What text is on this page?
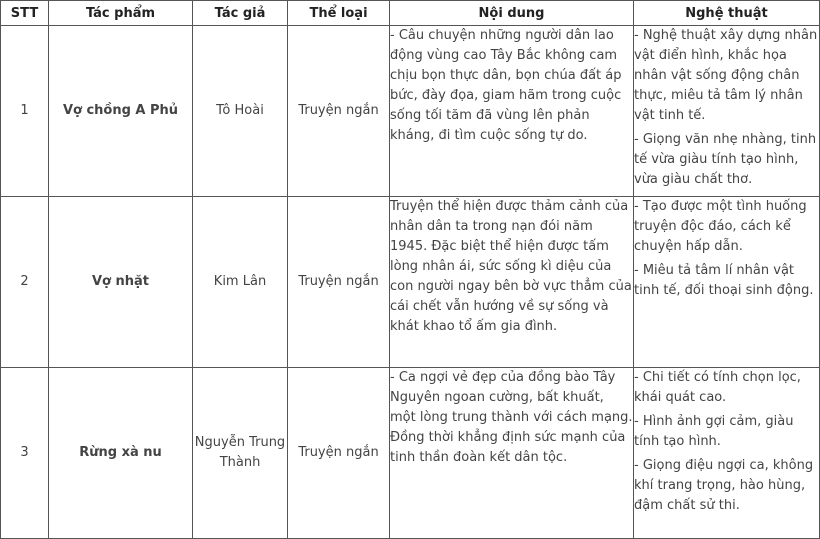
STT	Tác phẩm	Tác giả	Thể loại	Nội dung	Nghệ thuật
1	Vợ chồng A Phủ	Tô Hoài	Truyện ngắn	- Câu chuyện những người dân lao động vùng cao Tây Bắc không cam chịu bọn thực dân, bọn chúa đất áp bức, đày đọa, giam hãm trong cuộc sống tối tăm đã vùng lên phản kháng, đi tìm cuộc sống tự do.	- Nghệ thuật xây dựng nhân vật điển hình, khắc họa nhân vật sống động chân thực, miêu tả tâm lý nhân vật tinh tế.
- Giọng văn nhẹ nhàng, tinh tế vừa giàu tính tạo hình, vừa giàu chất thơ.

2	Vợ nhặt	Kim Lân	Truyện ngắn	Truyện thể hiện được thảm cảnh của nhân dân ta trong nạn đói năm 1945. Đặc biệt thể hiện được tấm lòng nhân ái, sức sống kì diệu của con người ngay bên bờ vực thẳm của cái chết vẫn hướng về sự sống và khát khao tổ ấm gia đình.	- Tạo được một tình huống truyện độc đáo, cách kể chuyện hấp dẫn.
- Miêu tả tâm lí nhân vật tinh tế, đối thoại sinh động.

3	Rừng xà nu	Nguyễn Trung Thành	Truyện ngắn	- Ca ngợi vẻ đẹp của đồng bào Tây Nguyên ngoan cường, bất khuất, một lòng trung thành với cách mạng. Đồng thời khẳng định sức mạnh của tinh thần đoàn kết dân tộc.	- Chi tiết có tính chọn lọc, khái quát cao.
- Hình ảnh gợi cảm, giàu tính tạo hình.
- Giọng điệu ngợi ca, không khí trang trọng, hào hùng, đậm chất sử thi.
